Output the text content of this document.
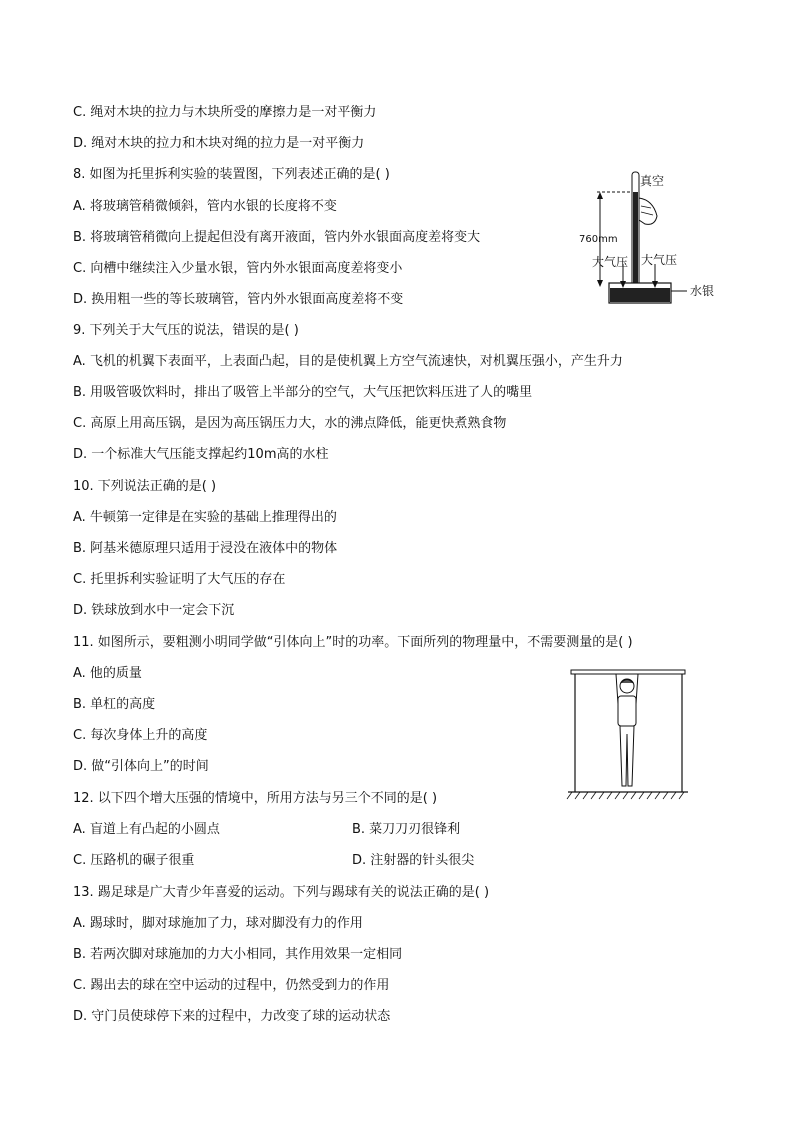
C. 绳对木块的拉力与木块所受的摩擦力是一对平衡力
D. 绳对木块的拉力和木块对绳的拉力是一对平衡力
8. 如图为托里拆利实验的装置图，下列表述正确的是( )
A. 将玻璃管稍微倾斜，管内水银的长度将不变
B. 将玻璃管稍微向上提起但没有离开液面，管内外水银面高度差将变大
C. 向槽中继续注入少量水银，管内外水银面高度差将变小
D. 换用粗一些的等长玻璃管，管内外水银面高度差将不变
真空
760mm
大气压 大气压
水银
9. 下列关于大气压的说法，错误的是( )
A. 飞机的机翼下表面平，上表面凸起，目的是使机翼上方空气流速快，对机翼压强小，产生升力
B. 用吸管吸饮料时，排出了吸管上半部分的空气，大气压把饮料压进了人的嘴里
C. 高原上用高压锅，是因为高压锅压力大，水的沸点降低，能更快煮熟食物
D. 一个标准大气压能支撑起约10m高的水柱
10. 下列说法正确的是( )
A. 牛顿第一定律是在实验的基础上推理得出的
B. 阿基米德原理只适用于浸没在液体中的物体
C. 托里拆利实验证明了大气压的存在
D. 铁球放到水中一定会下沉
11. 如图所示，要粗测小明同学做“引体向上”时的功率。下面所列的物理量中，不需要测量的是( )
A. 他的质量
B. 单杠的高度
C. 每次身体上升的高度
D. 做“引体向上”的时间
12. 以下四个增大压强的情境中，所用方法与另三个不同的是( )
A. 盲道上有凸起的小圆点	B. 菜刀刀刃很锋利
C. 压路机的碾子很重	D. 注射器的针头很尖
13. 踢足球是广大青少年喜爱的运动。下列与踢球有关的说法正确的是( )
A. 踢球时，脚对球施加了力，球对脚没有力的作用
B. 若两次脚对球施加的力大小相同，其作用效果一定相同
C. 踢出去的球在空中运动的过程中，仍然受到力的作用
D. 守门员使球停下来的过程中，力改变了球的运动状态
